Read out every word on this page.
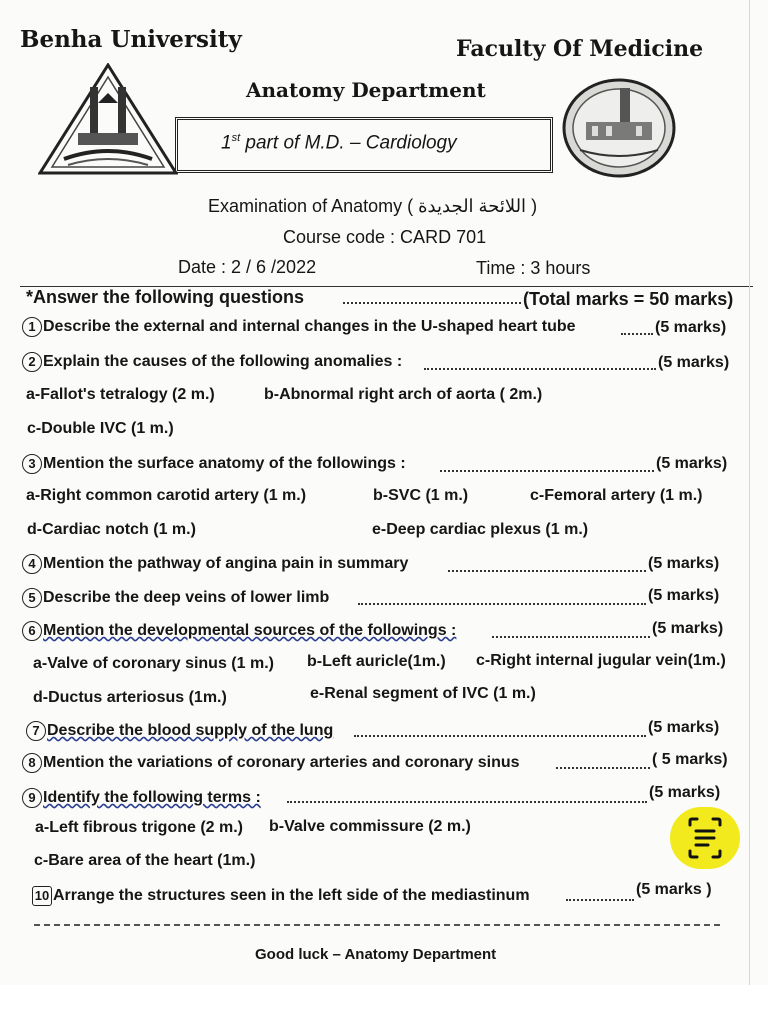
Benha University	Faculty Of Medicine
Anatomy Department
1st part of M.D. – Cardiology
Examination of Anatomy ( اللائحة الجديدة )
Course code : CARD 701
Date : 2 / 6 /2022	Time : 3 hours
*Answer the following questions	(Total marks = 50 marks)
1 Describe the external and internal changes in the U-shaped heart tube	(5 marks)
2 Explain the causes of the following anomalies :	(5 marks)
a-Fallot's tetralogy (2 m.)	b-Abnormal right arch of aorta ( 2m.)
c-Double IVC (1 m.)
3 Mention the surface anatomy of the followings :	(5 marks)
a-Right common carotid artery (1 m.)	b-SVC (1 m.)	c-Femoral artery (1 m.)
d-Cardiac notch (1 m.)	e-Deep cardiac plexus (1 m.)
4 Mention the pathway of angina pain in summary	(5 marks)
5 Describe the deep veins of lower limb	(5 marks)
6 Mention the developmental sources of the followings :	(5 marks)
a-Valve of coronary sinus (1 m.) b-Left auricle(1m.) c-Right internal jugular vein(1m.)
d-Ductus arteriosus (1m.)	e-Renal segment of IVC (1 m.)
7 Describe the blood supply of the lung	(5 marks)
8 Mention the variations of coronary arteries and coronary sinus	( 5 marks)
9 Identify the following terms :	(5 marks)
a-Left fibrous trigone (2 m.) b-Valve commissure (2 m.)
c-Bare area of the heart (1m.)
10 Arrange the structures seen in the left side of the mediastinum	(5 marks )
Good luck – Anatomy Department
